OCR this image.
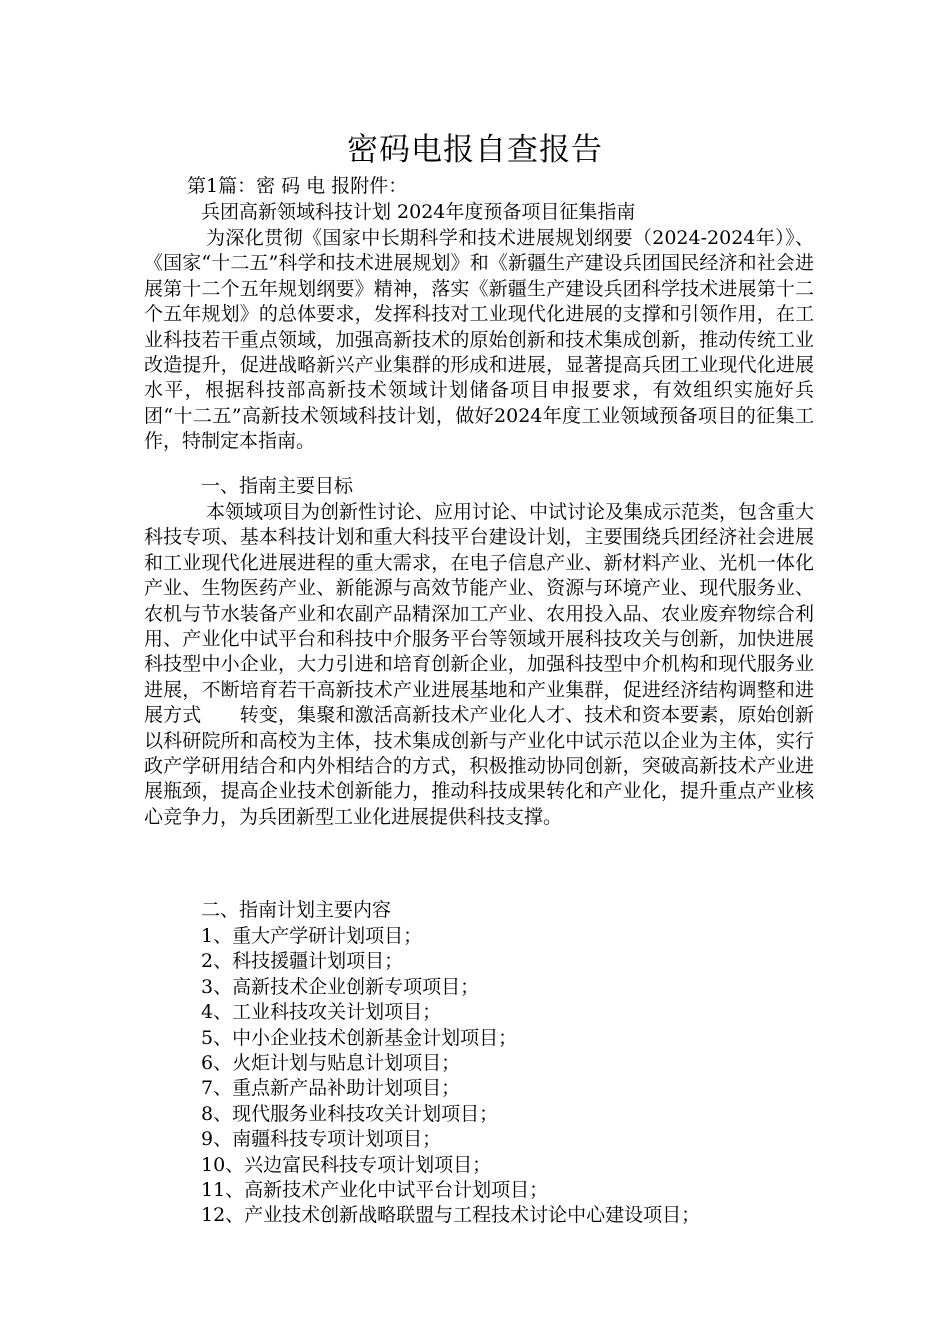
密码电报自查报告
第1篇：密 码 电 报附件：
兵团高新领域科技计划 2024年度预备项目征集指南

为深化贯彻《国家中长期科学和技术进展规划纲要（2024-2024年）》、《国家“十二五”科学和技术进展规划》和《新疆生产建设兵团国民经济和社会进展第十二个五年规划纲要》精神，落实《新疆生产建设兵团科学技术进展第十二个五年规划》的总体要求，发挥科技对工业现代化进展的支撑和引领作用，在工业科技若干重点领域，加强高新技术的原始创新和技术集成创新，推动传统工业改造提升，促进战略新兴产业集群的形成和进展，显著提高兵团工业现代化进展水平，根据科技部高新技术领域计划储备项目申报要求，有效组织实施好兵团“十二五”高新技术领域科技计划，做好2024年度工业领域预备项目的征集工作，特制定本指南。

一、指南主要目标

本领域项目为创新性讨论、应用讨论、中试讨论及集成示范类，包含重大科技专项、基本科技计划和重大科技平台建设计划，主要围绕兵团经济社会进展和工业现代化进展进程的重大需求，在电子信息产业、新材料产业、光机一体化产业、生物医药产业、新能源与高效节能产业、资源与环境产业、现代服务业、农机与节水装备产业和农副产品精深加工产业、农用投入品、农业废弃物综合利用、产业化中试平台和科技中介服务平台等领域开展科技攻关与创新，加快进展科技型中小企业，大力引进和培育创新企业，加强科技型中介机构和现代服务业进展，不断培育若干高新技术产业进展基地和产业集群，促进经济结构调整和进展方式　　转变，集聚和激活高新技术产业化人才、技术和资本要素，原始创新以科研院所和高校为主体，技术集成创新与产业化中试示范以企业为主体，实行政产学研用结合和内外相结合的方式，积极推动协同创新，突破高新技术产业进展瓶颈，提高企业技术创新能力，推动科技成果转化和产业化，提升重点产业核心竞争力，为兵团新型工业化进展提供科技支撑。

二、指南计划主要内容
1、重大产学研计划项目；
2、科技援疆计划项目；
3、高新技术企业创新专项项目；
4、工业科技攻关计划项目；
5、中小企业技术创新基金计划项目；
6、火炬计划与贴息计划项目；
7、重点新产品补助计划项目；
8、现代服务业科技攻关计划项目；
9、南疆科技专项计划项目；
10、兴边富民科技专项计划项目；
11、高新技术产业化中试平台计划项目；
12、产业技术创新战略联盟与工程技术讨论中心建设项目；
